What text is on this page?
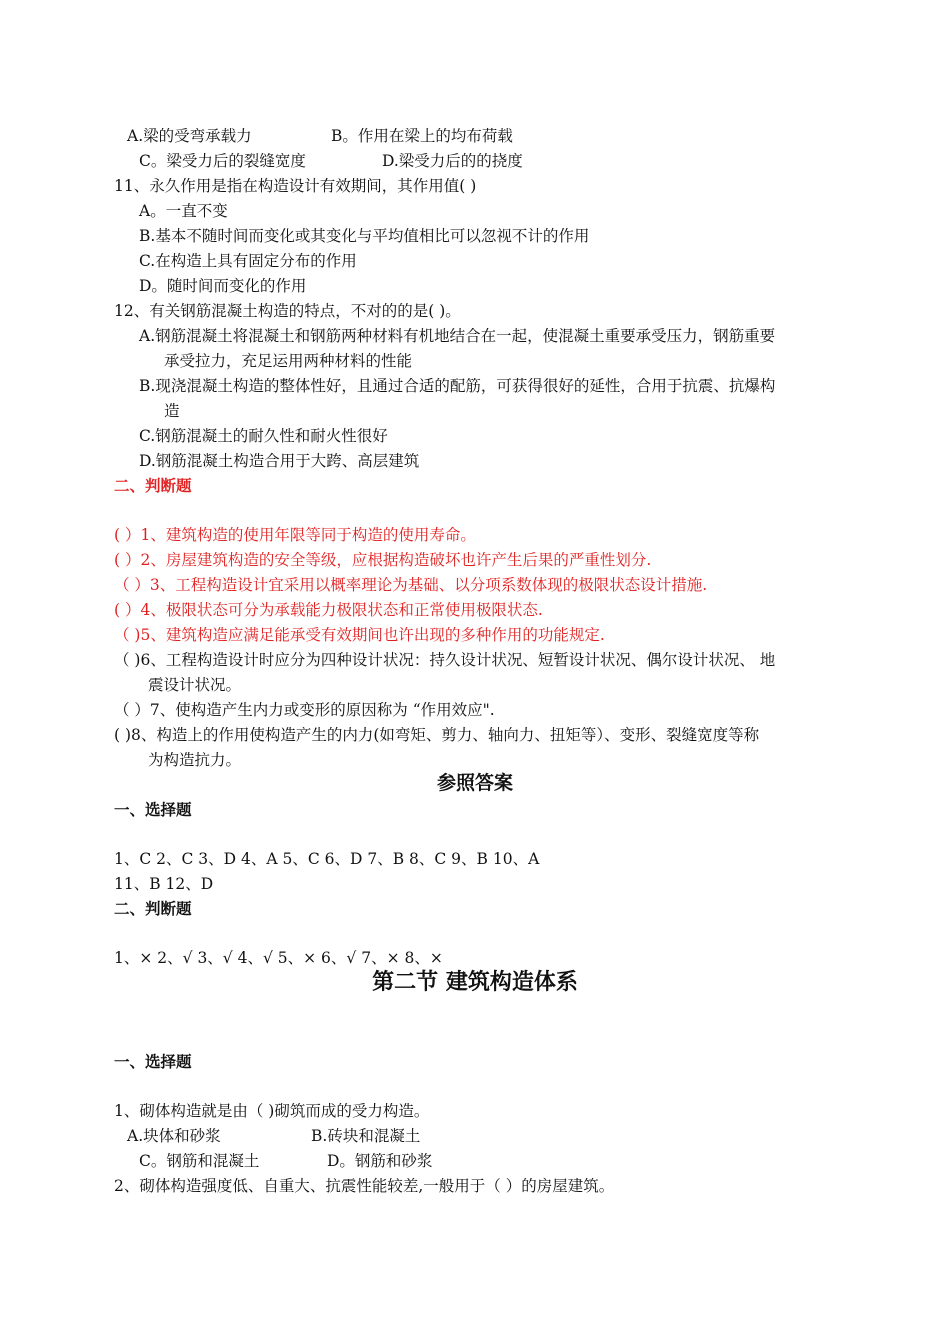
A.梁的受弯承载力	B。作用在梁上的均布荷载
C。梁受力后的裂缝宽度	D.梁受力后的的挠度
11、永久作用是指在构造设计有效期间，其作用值( )
A。一直不变
B.基本不随时间而变化或其变化与平均值相比可以忽视不计的作用
C.在构造上具有固定分布的作用
D。随时间而变化的作用
12、有关钢筋混凝土构造的特点，不对的的是( )。
A.钢筋混凝土将混凝土和钢筋两种材料有机地结合在一起，使混凝土重要承受压力，钢筋重要
承受拉力，充足运用两种材料的性能
B.现浇混凝土构造的整体性好，且通过合适的配筋，可获得很好的延性，合用于抗震、抗爆构
造
C.钢筋混凝土的耐久性和耐火性很好
D.钢筋混凝土构造合用于大跨、高层建筑
二、判断题
( ）1、建筑构造的使用年限等同于构造的使用寿命。
( ）2、房屋建筑构造的安全等级，应根据构造破坏也许产生后果的严重性划分.
（ ）3、工程构造设计宜采用以概率理论为基础、以分项系数体现的极限状态设计措施.
( ）4、极限状态可分为承载能力极限状态和正常使用极限状态.
（ )5、建筑构造应满足能承受有效期间也许出现的多种作用的功能规定.
（ )6、工程构造设计时应分为四种设计状况：持久设计状况、短暂设计状况、偶尔设计状况、 地
震设计状况。
（ ）7、使构造产生内力或变形的原因称为 “作用效应".
( )8、构造上的作用使构造产生的内力(如弯矩、剪力、轴向力、扭矩等）、变形、裂缝宽度等称
为构造抗力。
参照答案
一、选择题
1、C 2、C 3、D 4、A 5、C 6、D 7、B 8、C 9、B 10、A
11、B 12、D
二、判断题
1、× 2、√ 3、√ 4、√ 5、× 6、√ 7、× 8、×
第二节 建筑构造体系
一、选择题
1、砌体构造就是由（ )砌筑而成的受力构造。
A.块体和砂浆	B.砖块和混凝土
C。钢筋和混凝土	D。钢筋和砂浆
2、砌体构造强度低、自重大、抗震性能较差,一般用于（ ）的房屋建筑。
